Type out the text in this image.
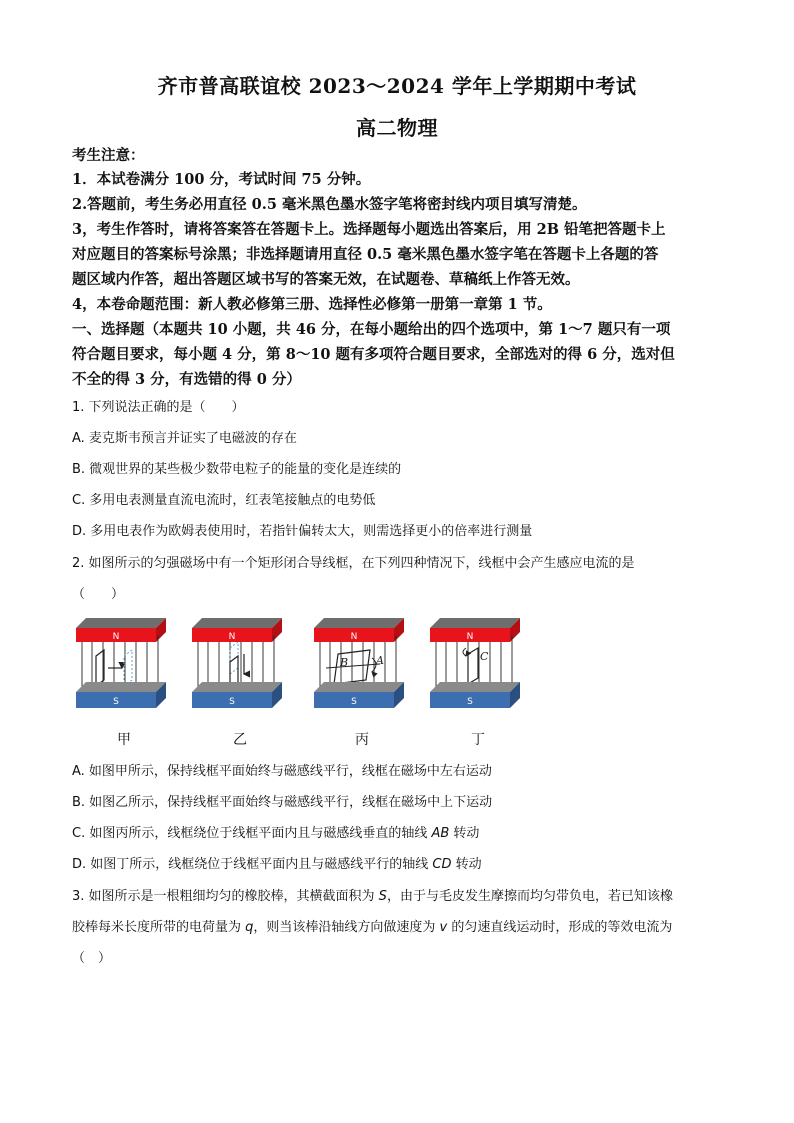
齐市普高联谊校 2023～2024 学年上学期期中考试
高二物理
考生注意：
1．本试卷满分 100 分，考试时间 75 分钟。
2.答题前，考生务必用直径 0.5 毫米黑色墨水签字笔将密封线内项目填写清楚。
3，考生作答时，请将答案答在答题卡上。选择题每小题选出答案后，用 2B 铅笔把答题卡上
对应题目的答案标号涂黑；非选择题请用直径 0.5 毫米黑色墨水签字笔在答题卡上各题的答
题区域内作答，超出答题区域书写的答案无效，在试题卷、草稿纸上作答无效。
4，本卷命题范围：新人教必修第三册、选择性必修第一册第一章第 1 节。
一、选择题（本题共 10 小题，共 46 分，在每小题给出的四个选项中，第 1～7 题只有一项
符合题目要求，每小题 4 分，第 8～10 题有多项符合题目要求，全部选对的得 6 分，选对但
不全的得 3 分，有选错的得 0 分）
1. 下列说法正确的是（　　）
A. 麦克斯韦预言并证实了电磁波的存在
B. 微观世界的某些极少数带电粒子的能量的变化是连续的
C. 多用电表测量直流电流时，红表笔接触点的电势低
D. 多用电表作为欧姆表使用时，若指针偏转太大，则需选择更小的倍率进行测量
2. 如图所示的匀强磁场中有一个矩形闭合导线框，在下列四种情况下，线框中会产生感应电流的是
（　　）
N
S
N
S
N
B	A
S
N
C
S
甲	乙	丙	丁
A. 如图甲所示，保持线框平面始终与磁感线平行，线框在磁场中左右运动
B. 如图乙所示，保持线框平面始终与磁感线平行，线框在磁场中上下运动
C. 如图丙所示，线框绕位于线框平面内且与磁感线垂直的轴线 AB 转动
D. 如图丁所示，线框绕位于线框平面内且与磁感线平行的轴线 CD 转动
3. 如图所示是一根粗细均匀的橡胶棒，其横截面积为 S，由于与毛皮发生摩擦而均匀带负电，若已知该橡
胶棒每米长度所带的电荷量为 q，则当该棒沿轴线方向做速度为 v 的匀速直线运动时，形成的等效电流为
（　）
